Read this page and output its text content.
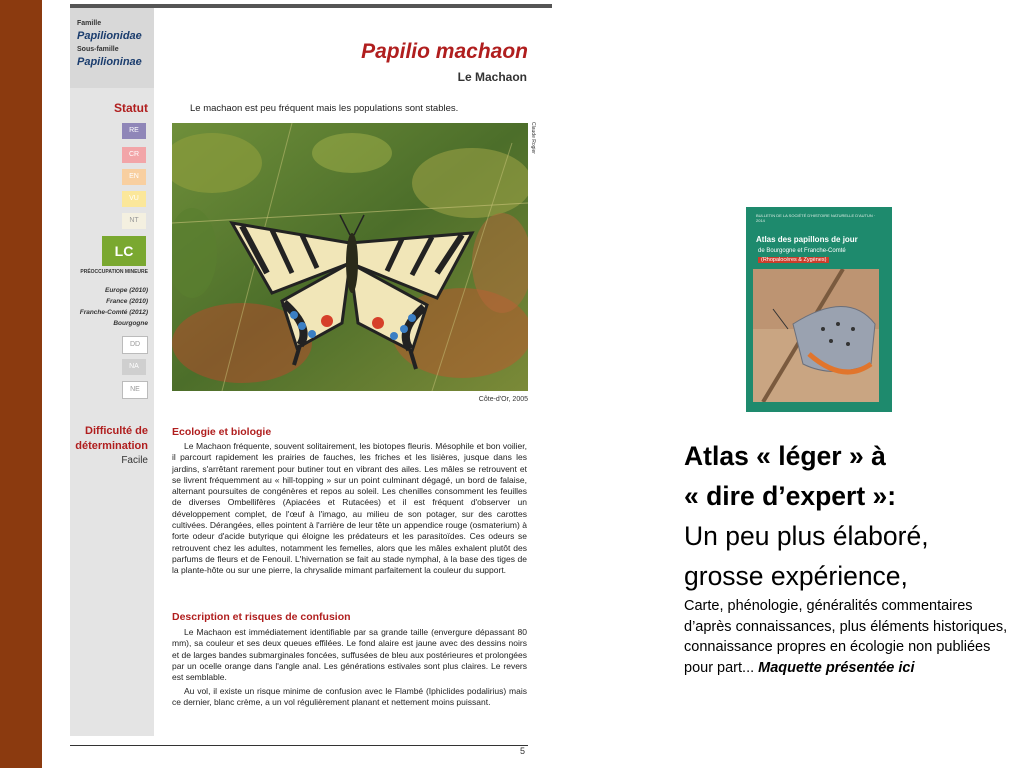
Famille
Papilionidae
Sous-famille
Papilioninae	Papilio machaon
Le Machaon
Statut
RE
CR
EN
VU
NT
LC
PRÉOCCUPATION MINEURE
Europe (2010)
France (2010)
Franche-Comté (2012)
Bourgogne
DD
NA
NE
Difficulté de détermination
Facile
Le machaon est peu fréquent mais les populations sont stables.
Claude Rogier
Côte-d'Or, 2005
Ecologie et biologie

Le Machaon fréquente, souvent solitairement, les biotopes fleuris. Mésophile et bon voilier, il parcourt rapidement les prairies de fauches, les friches et les lisières, jusque dans les jardins, s'arrêtant rarement pour butiner tout en vibrant des ailes. Les mâles se retrouvent et se livrent fréquemment au « hill-topping » sur un point culminant dégagé, un bord de falaise, alternant poursuites de congénères et repos au soleil. Les chenilles consomment les feuilles de diverses Ombellifères (Apiacées et Rutacées) et il est fréquent d'observer un développement complet, de l'œuf à l'imago, au milieu de son potager, sur des carottes cultivées. Dérangées, elles pointent à l'arrière de leur tête un appendice rouge (osmaterium) à forte odeur d'acide butyrique qui éloigne les prédateurs et les parasitoïdes. Ces odeurs se retrouvent chez les adultes, notamment les femelles, alors que les mâles exhalent plutôt des parfums de fleurs et de Fenouil. L'hivernation se fait au stade nymphal, à la base des tiges de la plante-hôte ou sur une pierre, la chrysalide mimant parfaitement la couleur du support.

Description et risques de confusion

Le Machaon est immédiatement identifiable par sa grande taille (envergure dépassant 80 mm), sa couleur et ses deux queues effilées. Le fond alaire est jaune avec des dessins noirs et de larges bandes submarginales foncées, suffusées de bleu aux postérieures et prolongées par un ocelle orange dans l'angle anal. Les générations estivales sont plus claires. Le revers est semblable.

Au vol, il existe un risque minime de confusion avec le Flambé (Iphiclides podalirius) mais ce dernier, blanc crème, a un vol régulièrement planant et nettement moins puissant.

5
BULLETIN DE LA SOCIÉTÉ D'HISTOIRE NATURELLE D'AUTUN · 2014
Atlas des papillons de jour
de Bourgogne et Franche-Comté
(Rhopalocères & Zygènes)
Atlas « léger » à
« dire d’expert »:
Un peu plus élaboré, grosse expérience,
Carte, phénologie, généralités commentaires d’après connaissances, plus éléments historiques, connaissance propres en écologie non publiées pour part... Maquette présentée ici
